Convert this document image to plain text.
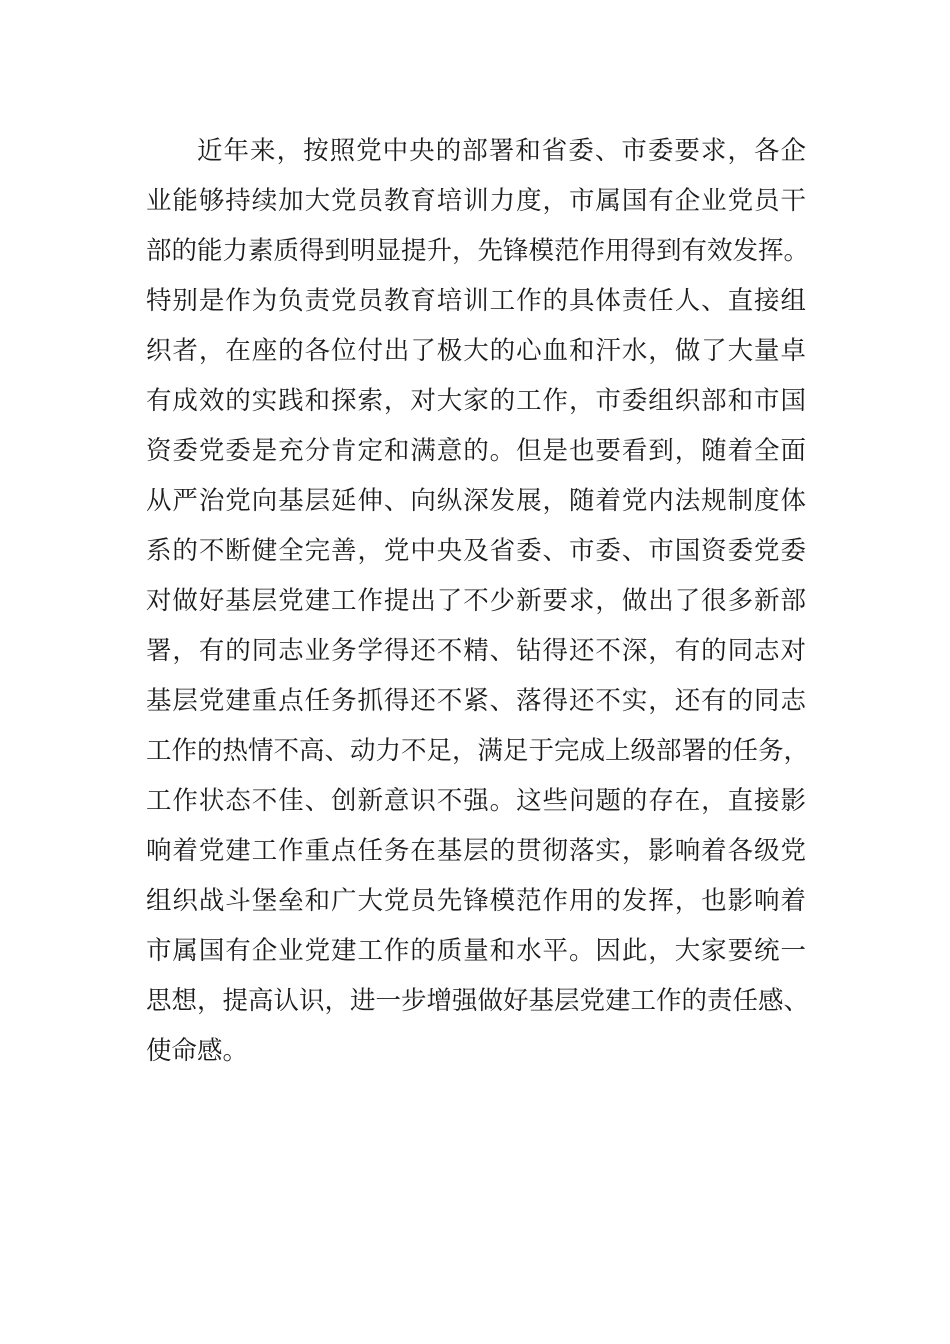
近年来，按照党中央的部署和省委、市委要求，各企
业能够持续加大党员教育培训力度，市属国有企业党员干
部的能力素质得到明显提升，先锋模范作用得到有效发挥。
特别是作为负责党员教育培训工作的具体责任人、直接组
织者，在座的各位付出了极大的心血和汗水，做了大量卓
有成效的实践和探索，对大家的工作，市委组织部和市国
资委党委是充分肯定和满意的。但是也要看到，随着全面
从严治党向基层延伸、向纵深发展，随着党内法规制度体
系的不断健全完善，党中央及省委、市委、市国资委党委
对做好基层党建工作提出了不少新要求，做出了很多新部
署，有的同志业务学得还不精、钻得还不深，有的同志对
基层党建重点任务抓得还不紧、落得还不实，还有的同志
工作的热情不高、动力不足，满足于完成上级部署的任务，
工作状态不佳、创新意识不强。这些问题的存在，直接影
响着党建工作重点任务在基层的贯彻落实，影响着各级党
组织战斗堡垒和广大党员先锋模范作用的发挥，也影响着
市属国有企业党建工作的质量和水平。因此，大家要统一
思想，提高认识，进一步增强做好基层党建工作的责任感、
使命感。
